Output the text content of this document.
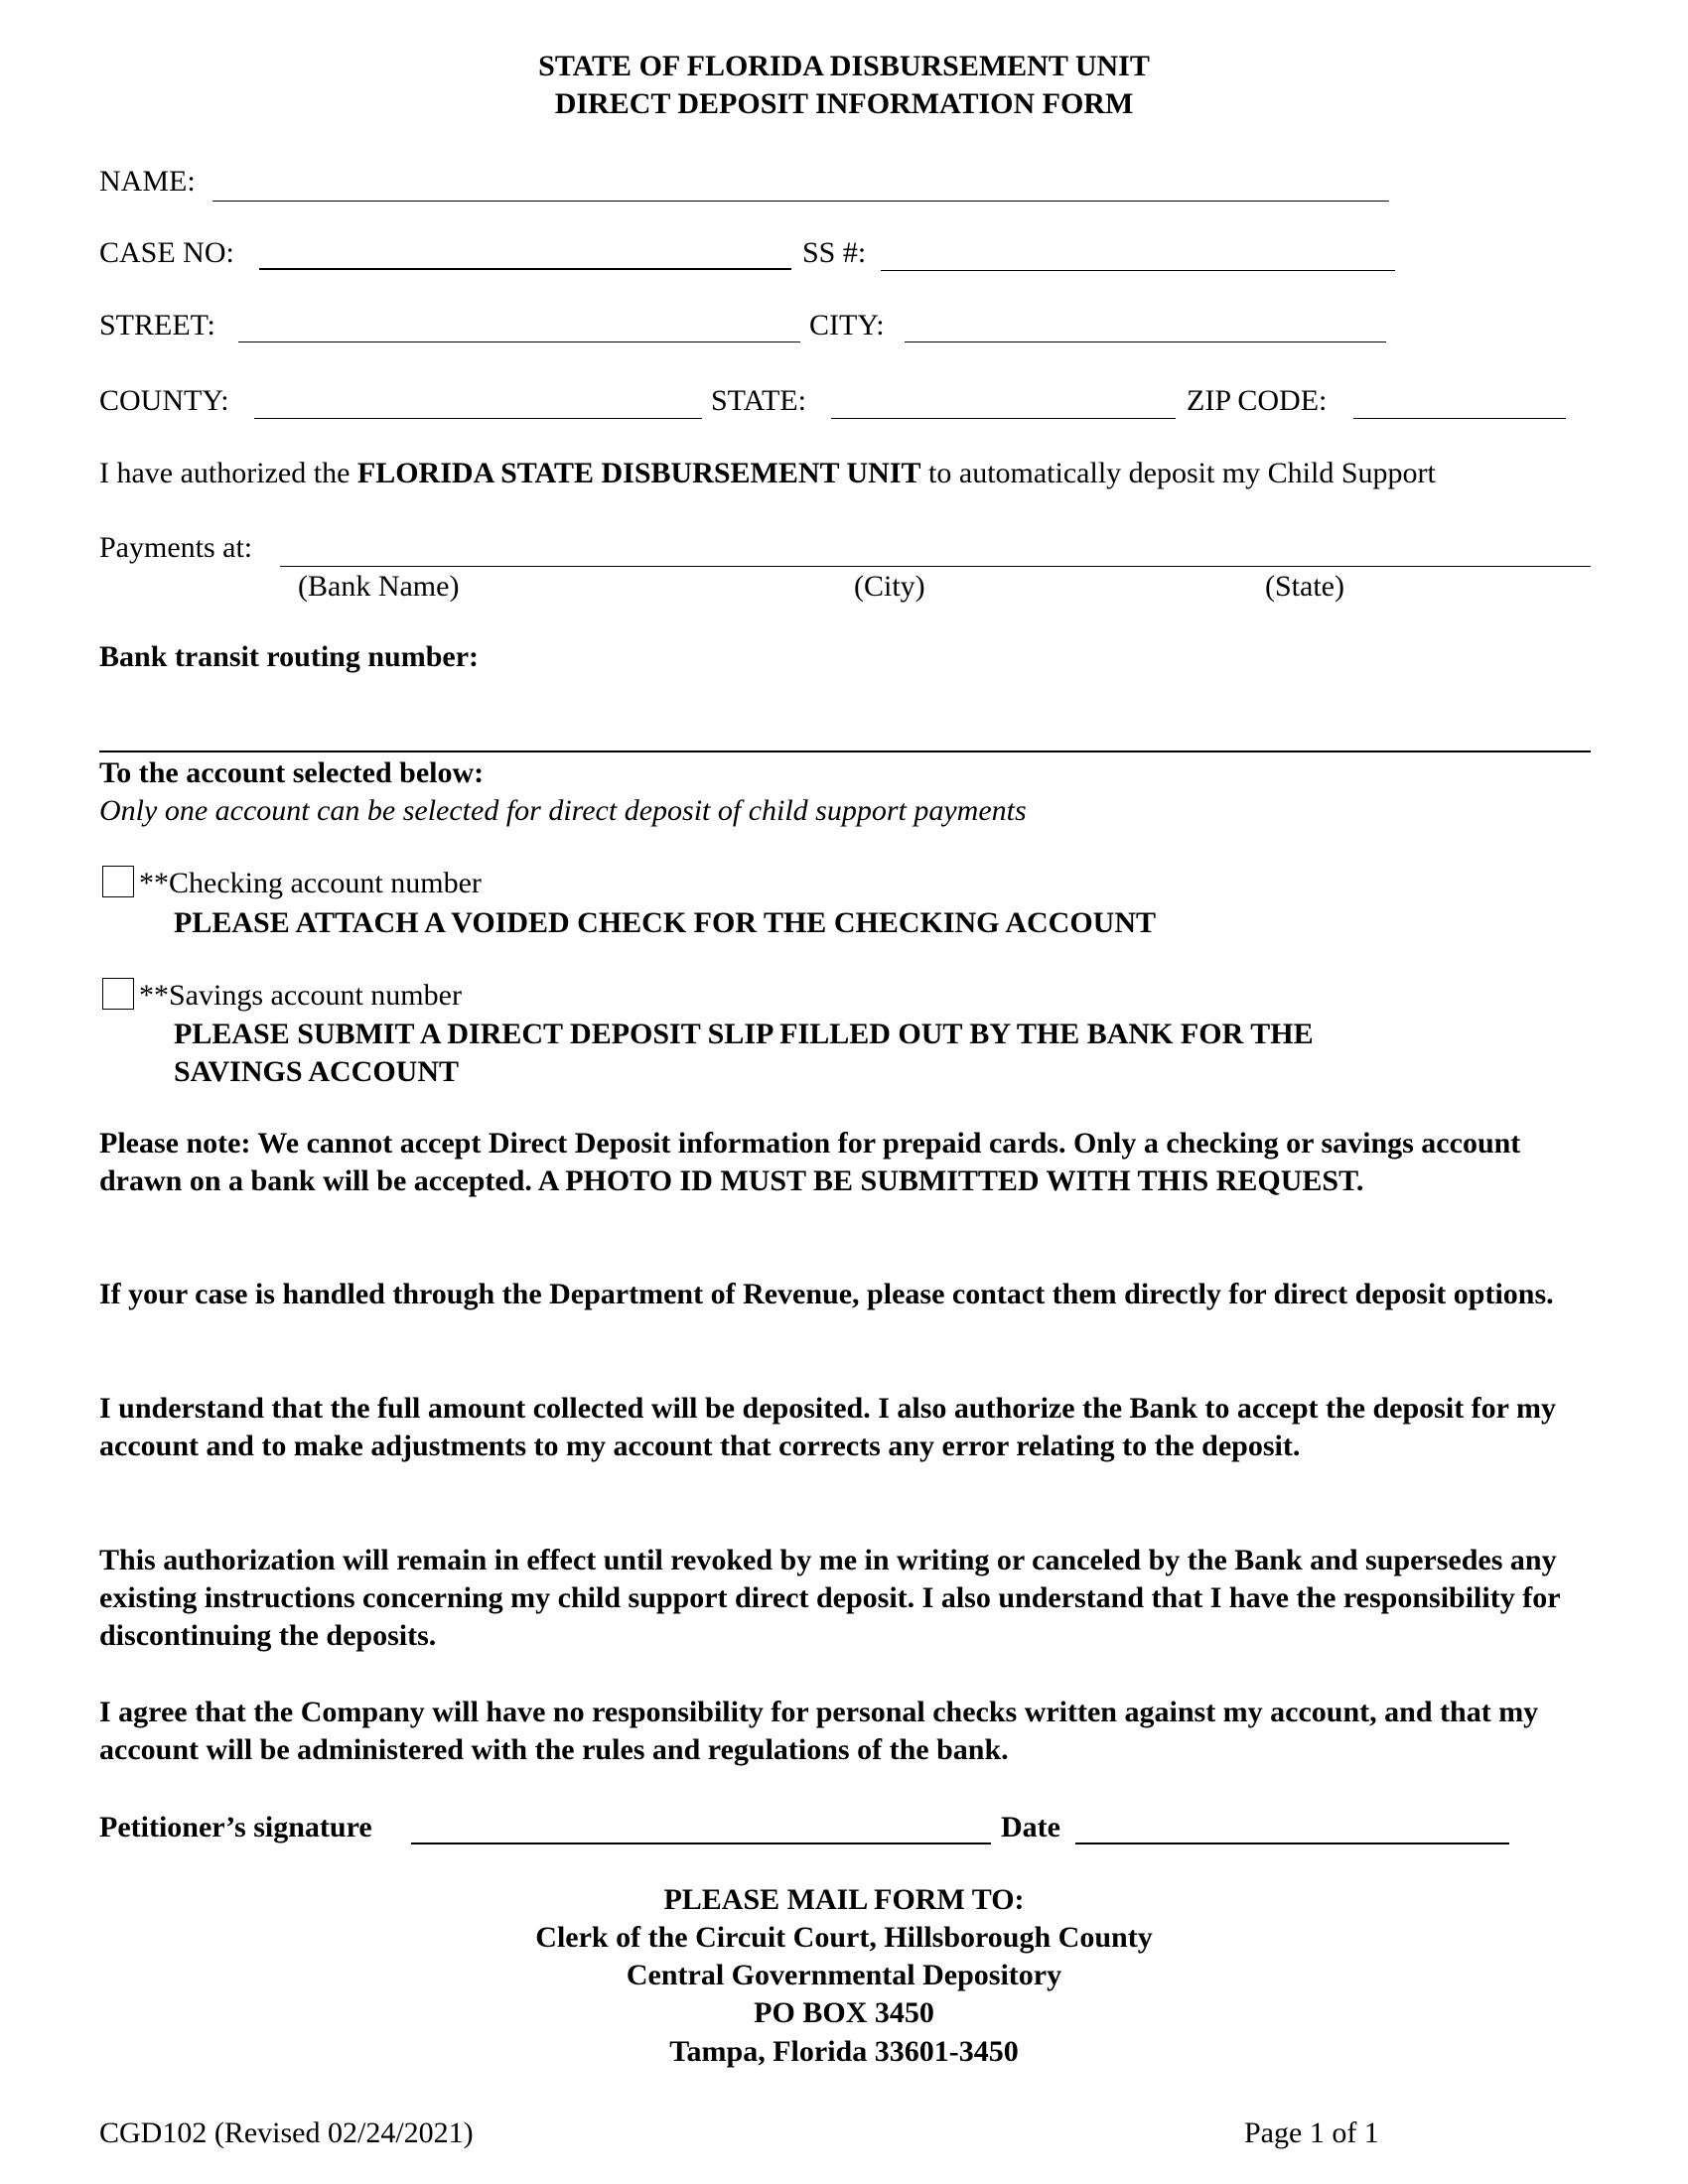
STATE OF FLORIDA DISBURSEMENT UNIT
DIRECT DEPOSIT INFORMATION FORM
NAME:
CASE NO:	SS #:
STREET:	CITY:
COUNTY:	STATE:	ZIP CODE:
I have authorized the FLORIDA STATE DISBURSEMENT UNIT to automatically deposit my Child Support
Payments at:
(Bank Name)	(City)	(State)
Bank transit routing number:
To the account selected below:
Only one account can be selected for direct deposit of child support payments
**Checking account number
PLEASE ATTACH A VOIDED CHECK FOR THE CHECKING ACCOUNT
**Savings account number
PLEASE SUBMIT A DIRECT DEPOSIT SLIP FILLED OUT BY THE BANK FOR THE
SAVINGS ACCOUNT
Please note: We cannot accept Direct Deposit information for prepaid cards. Only a checking or savings account drawn on a bank will be accepted. A PHOTO ID MUST BE SUBMITTED WITH THIS REQUEST.
If your case is handled through the Department of Revenue, please contact them directly for direct deposit options.
I understand that the full amount collected will be deposited. I also authorize the Bank to accept the deposit for my account and to make adjustments to my account that corrects any error relating to the deposit.
This authorization will remain in effect until revoked by me in writing or canceled by the Bank and supersedes any existing instructions concerning my child support direct deposit. I also understand that I have the responsibility for discontinuing the deposits.
I agree that the Company will have no responsibility for personal checks written against my account, and that my account will be administered with the rules and regulations of the bank.
Petitioner’s signature	Date
PLEASE MAIL FORM TO:
Clerk of the Circuit Court, Hillsborough County
Central Governmental Depository
PO BOX 3450
Tampa, Florida 33601-3450
CGD102 (Revised 02/24/2021)	Page 1 of 1
